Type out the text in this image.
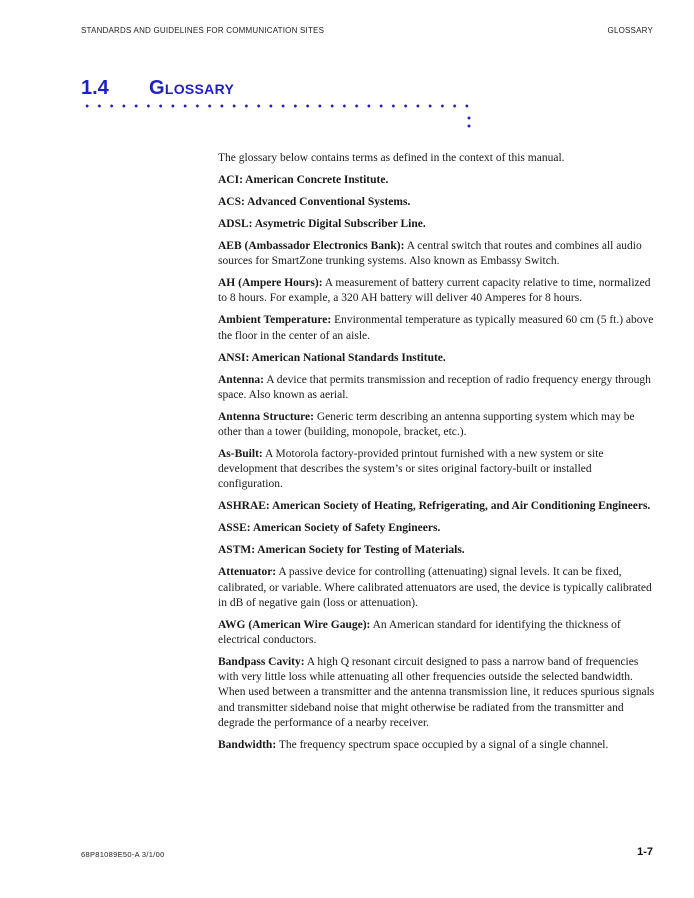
STANDARDS AND GUIDELINES FOR COMMUNICATION SITES	GLOSSARY
1.4 Glossary

The glossary below contains terms as defined in the context of this manual.

ACI: American Concrete Institute.

ACS: Advanced Conventional Systems.

ADSL: Asymetric Digital Subscriber Line.

AEB (Ambassador Electronics Bank): A central switch that routes and combines all audio sources for SmartZone trunking systems. Also known as Embassy Switch.

AH (Ampere Hours): A measurement of battery current capacity relative to time, normalized to 8 hours. For example, a 320 AH battery will deliver 40 Amperes for 8 hours.

Ambient Temperature: Environmental temperature as typically measured 60 cm (5 ft.) above the floor in the center of an aisle.

ANSI: American National Standards Institute.

Antenna: A device that permits transmission and reception of radio frequency energy through space. Also known as aerial.

Antenna Structure: Generic term describing an antenna supporting system which may be other than a tower (building, monopole, bracket, etc.).

As-Built: A Motorola factory-provided printout furnished with a new system or site development that describes the system’s or sites original factory-built or installed configuration.

ASHRAE: American Society of Heating, Refrigerating, and Air Conditioning Engineers.

ASSE: American Society of Safety Engineers.

ASTM: American Society for Testing of Materials.

Attenuator: A passive device for controlling (attenuating) signal levels. It can be fixed, calibrated, or variable. Where calibrated attenuators are used, the device is typically calibrated in dB of negative gain (loss or attenuation).

AWG (American Wire Gauge): An American standard for identifying the thickness of electrical conductors.

Bandpass Cavity: A high Q resonant circuit designed to pass a narrow band of frequencies with very little loss while attenuating all other frequencies outside the selected bandwidth. When used between a transmitter and the antenna transmission line, it reduces spurious signals and transmitter sideband noise that might otherwise be radiated from the transmitter and degrade the performance of a nearby receiver.

Bandwidth: The frequency spectrum space occupied by a signal of a single channel.

68P81089E50-A 3/1/00	1-7
